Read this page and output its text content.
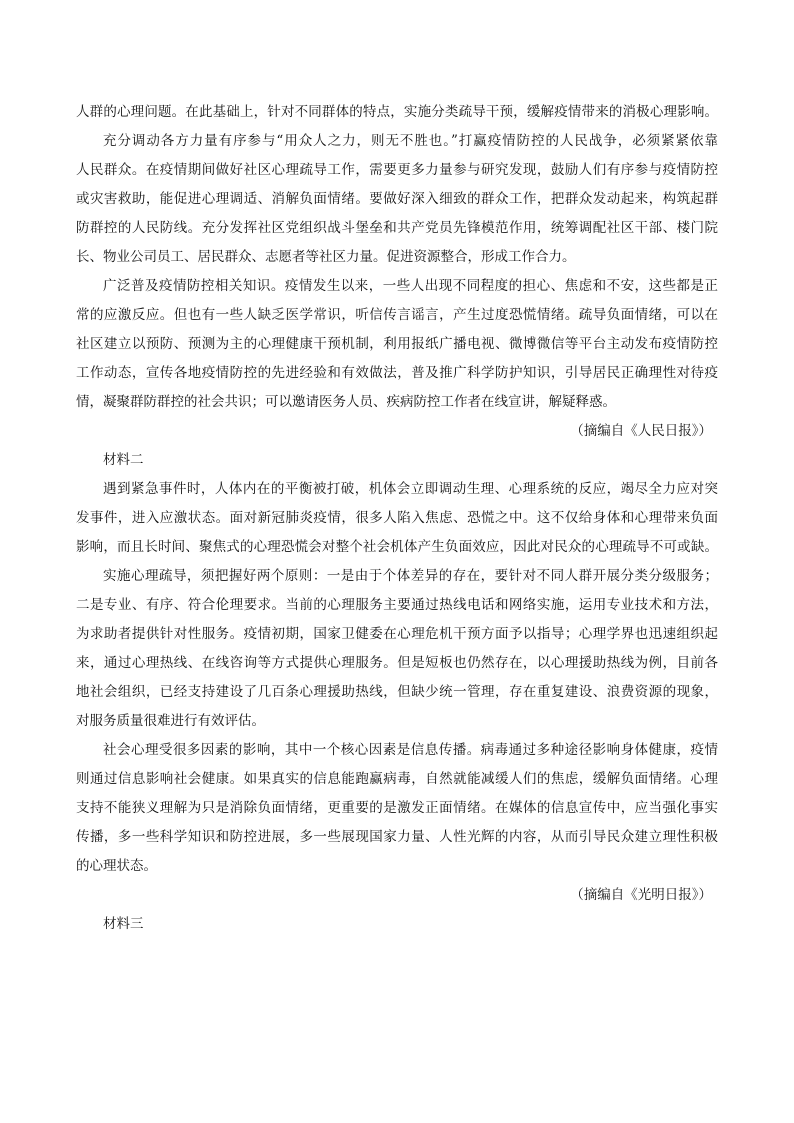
人群的心理问题。在此基础上，针对不同群体的特点，实施分类疏导干预，缓解疫情带来的消极心理影响。
充分调动各方力量有序参与“用众人之力，则无不胜也。”打赢疫情防控的人民战争，必须紧紧依靠
人民群众。在疫情期间做好社区心理疏导工作，需要更多力量参与研究发现，鼓励人们有序参与疫情防控
或灾害救助，能促进心理调适、消解负面情绪。要做好深入细致的群众工作，把群众发动起来，构筑起群
防群控的人民防线。充分发挥社区党组织战斗堡垒和共产党员先锋模范作用，统筹调配社区干部、楼门院
长、物业公司员工、居民群众、志愿者等社区力量。促进资源整合，形成工作合力。
广泛普及疫情防控相关知识。疫情发生以来，一些人出现不同程度的担心、焦虑和不安，这些都是正
常的应激反应。但也有一些人缺乏医学常识，听信传言谣言，产生过度恐慌情绪。疏导负面情绪，可以在
社区建立以预防、预测为主的心理健康干预机制，利用报纸广播电视、微博微信等平台主动发布疫情防控
工作动态，宣传各地疫情防控的先进经验和有效做法，普及推广科学防护知识，引导居民正确理性对待疫
情，凝聚群防群控的社会共识；可以邀请医务人员、疾病防控工作者在线宣讲，解疑释惑。
（摘编自《人民日报》）
材料二
遇到紧急事件时，人体内在的平衡被打破，机体会立即调动生理、心理系统的反应，竭尽全力应对突
发事件，进入应激状态。面对新冠肺炎疫情，很多人陷入焦虑、恐慌之中。这不仅给身体和心理带来负面
影响，而且长时间、聚焦式的心理恐慌会对整个社会机体产生负面效应，因此对民众的心理疏导不可或缺。
实施心理疏导，须把握好两个原则：一是由于个体差异的存在，要针对不同人群开展分类分级服务；
二是专业、有序、符合伦理要求。当前的心理服务主要通过热线电话和网络实施，运用专业技术和方法，
为求助者提供针对性服务。疫情初期，国家卫健委在心理危机干预方面予以指导；心理学界也迅速组织起
来，通过心理热线、在线咨询等方式提供心理服务。但是短板也仍然存在，以心理援助热线为例，目前各
地社会组织，已经支持建设了几百条心理援助热线，但缺少统一管理，存在重复建设、浪费资源的现象，
对服务质量很难进行有效评估。
社会心理受很多因素的影响，其中一个核心因素是信息传播。病毒通过多种途径影响身体健康，疫情
则通过信息影响社会健康。如果真实的信息能跑赢病毒，自然就能减缓人们的焦虑，缓解负面情绪。心理
支持不能狭义理解为只是消除负面情绪，更重要的是激发正面情绪。在媒体的信息宣传中，应当强化事实
传播，多一些科学知识和防控进展，多一些展现国家力量、人性光辉的内容，从而引导民众建立理性积极
的心理状态。
（摘编自《光明日报》）
材料三
